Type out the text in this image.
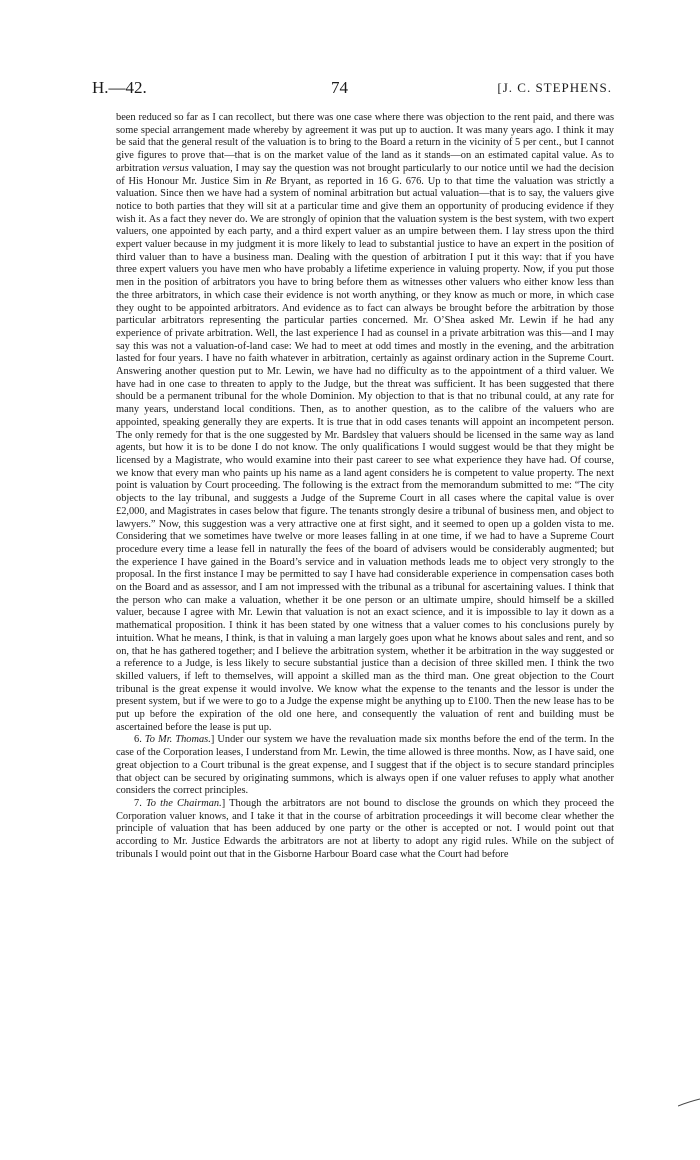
H.—42.	74	[J. C. STEPHENS.

been reduced so far as I can recollect, but there was one case where there was objection to the rent paid, and there was some special arrangement made whereby by agreement it was put up to auction. It was many years ago. I think it may be said that the general result of the valuation is to bring to the Board a return in the vicinity of 5 per cent., but I cannot give figures to prove that—that is on the market value of the land as it stands—on an estimated capital value. As to arbitration versus valuation, I may say the question was not brought particularly to our notice until we had the decision of His Honour Mr. Justice Sim in Re Bryant, as reported in 16 G. 676. Up to that time the valuation was strictly a valuation. Since then we have had a system of nominal arbitration but actual valuation—that is to say, the valuers give notice to both parties that they will sit at a particular time and give them an opportunity of producing evidence if they wish it. As a fact they never do. We are strongly of opinion that the valuation system is the best system, with two expert valuers, one appointed by each party, and a third expert valuer as an umpire between them. I lay stress upon the third expert valuer because in my judgment it is more likely to lead to substantial justice to have an expert in the position of third valuer than to have a business man. Dealing with the question of arbitration I put it this way: that if you have three expert valuers you have men who have probably a lifetime experience in valuing property. Now, if you put those men in the position of arbitrators you have to bring before them as witnesses other valuers who either know less than the three arbitrators, in which case their evidence is not worth anything, or they know as much or more, in which case they ought to be appointed arbitrators. And evidence as to fact can always be brought before the arbitration by those particular arbitrators representing the particular parties concerned. Mr. O’Shea asked Mr. Lewin if he had any experience of private arbitration. Well, the last experience I had as counsel in a private arbitration was this—and I may say this was not a valuation-of-land case: We had to meet at odd times and mostly in the evening, and the arbitration lasted for four years. I have no faith whatever in arbitration, certainly as against ordinary action in the Supreme Court. Answering another question put to Mr. Lewin, we have had no difficulty as to the appointment of a third valuer. We have had in one case to threaten to apply to the Judge, but the threat was sufficient. It has been suggested that there should be a permanent tribunal for the whole Dominion. My objection to that is that no tribunal could, at any rate for many years, understand local conditions. Then, as to another question, as to the calibre of the valuers who are appointed, speaking generally they are experts. It is true that in odd cases tenants will appoint an incompetent person. The only remedy for that is the one suggested by Mr. Bardsley that valuers should be licensed in the same way as land agents, but how it is to be done I do not know. The only qualifications I would suggest would be that they might be licensed by a Magistrate, who would examine into their past career to see what experience they have had. Of course, we know that every man who paints up his name as a land agent considers he is competent to value property. The next point is valuation by Court proceeding. The following is the extract from the memorandum submitted to me: “The city objects to the lay tribunal, and suggests a Judge of the Supreme Court in all cases where the capital value is over £2,000, and Magistrates in cases below that figure. The tenants strongly desire a tribunal of business men, and object to lawyers.” Now, this suggestion was a very attractive one at first sight, and it seemed to open up a golden vista to me. Considering that we sometimes have twelve or more leases falling in at one time, if we had to have a Supreme Court procedure every time a lease fell in naturally the fees of the board of advisers would be considerably augmented; but the experience I have gained in the Board’s service and in valuation methods leads me to object very strongly to the proposal. In the first instance I may be permitted to say I have had considerable experience in compensation cases both on the Board and as assessor, and I am not impressed with the tribunal as a tribunal for ascertaining values. I think that the person who can make a valuation, whether it be one person or an ultimate umpire, should himself be a skilled valuer, because I agree with Mr. Lewin that valuation is not an exact science, and it is impossible to lay it down as a mathematical proposition. I think it has been stated by one witness that a valuer comes to his conclusions purely by intuition. What he means, I think, is that in valuing a man largely goes upon what he knows about sales and rent, and so on, that he has gathered together; and I believe the arbitration system, whether it be arbitration in the way suggested or a reference to a Judge, is less likely to secure substantial justice than a decision of three skilled men. I think the two skilled valuers, if left to themselves, will appoint a skilled man as the third man. One great objection to the Court tribunal is the great expense it would involve. We know what the expense to the tenants and the lessor is under the present system, but if we were to go to a Judge the expense might be anything up to £100. Then the new lease has to be put up before the expiration of the old one here, and consequently the valuation of rent and building must be ascertained before the lease is put up.

6. To Mr. Thomas.] Under our system we have the revaluation made six months before the end of the term. In the case of the Corporation leases, I understand from Mr. Lewin, the time allowed is three months. Now, as I have said, one great objection to a Court tribunal is the great expense, and I suggest that if the object is to secure standard principles that object can be secured by originating summons, which is always open if one valuer refuses to apply what another considers the correct principles.

7. To the Chairman.] Though the arbitrators are not bound to disclose the grounds on which they proceed the Corporation valuer knows, and I take it that in the course of arbitration proceedings it will become clear whether the principle of valuation that has been adduced by one party or the other is accepted or not. I would point out that according to Mr. Justice Edwards the arbitrators are not at liberty to adopt any rigid rules. While on the subject of tribunals I would point out that in the Gisborne Harbour Board case what the Court had before
